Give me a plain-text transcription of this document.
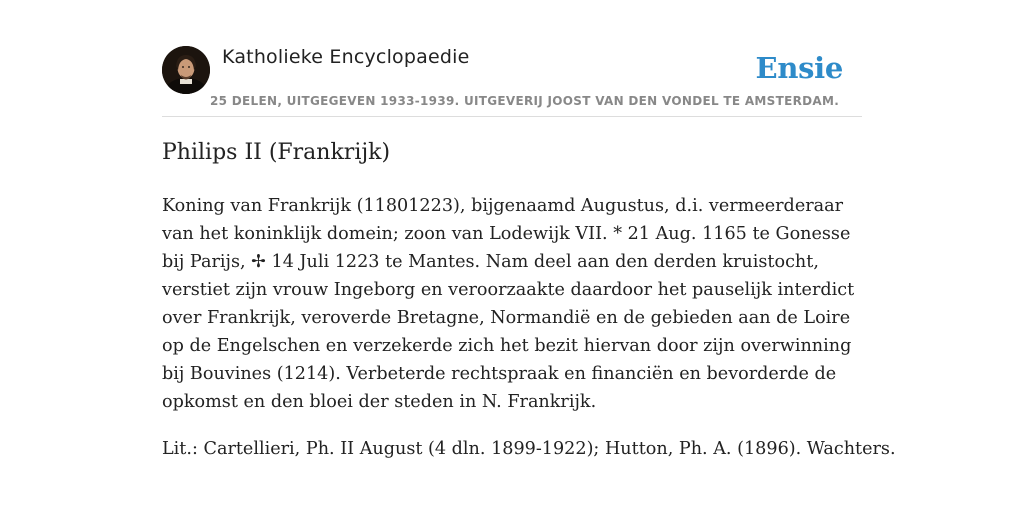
Katholieke Encyclopaedie
25 DELEN, UITGEGEVEN 1933-1939. UITGEVERIJ JOOST VAN DEN VONDEL TE AMSTERDAM.
Ensie
Philips II (Frankrijk)

Koning van Frankrijk (11801223), bijgenaamd Augustus, d.i. vermeerderaar van het koninklijk domein; zoon van Lodewijk VII. * 21 Aug. 1165 te Gonesse bij Parijs, ✢ 14 Juli 1223 te Mantes. Nam deel aan den derden kruistocht, verstiet zijn vrouw Ingeborg en veroorzaakte daardoor het pauselijk interdict over Frankrijk, veroverde Bretagne, Normandië en de gebieden aan de Loire op de Engelschen en verzekerde zich het bezit hiervan door zijn overwinning bij Bouvines (1214). Verbeterde rechtspraak en financiën en bevorderde de opkomst en den bloei der steden in N. Frankrijk.

Lit.: Cartellieri, Ph. II August (4 dln. 1899-1922); Hutton, Ph. A. (1896). Wachters.
